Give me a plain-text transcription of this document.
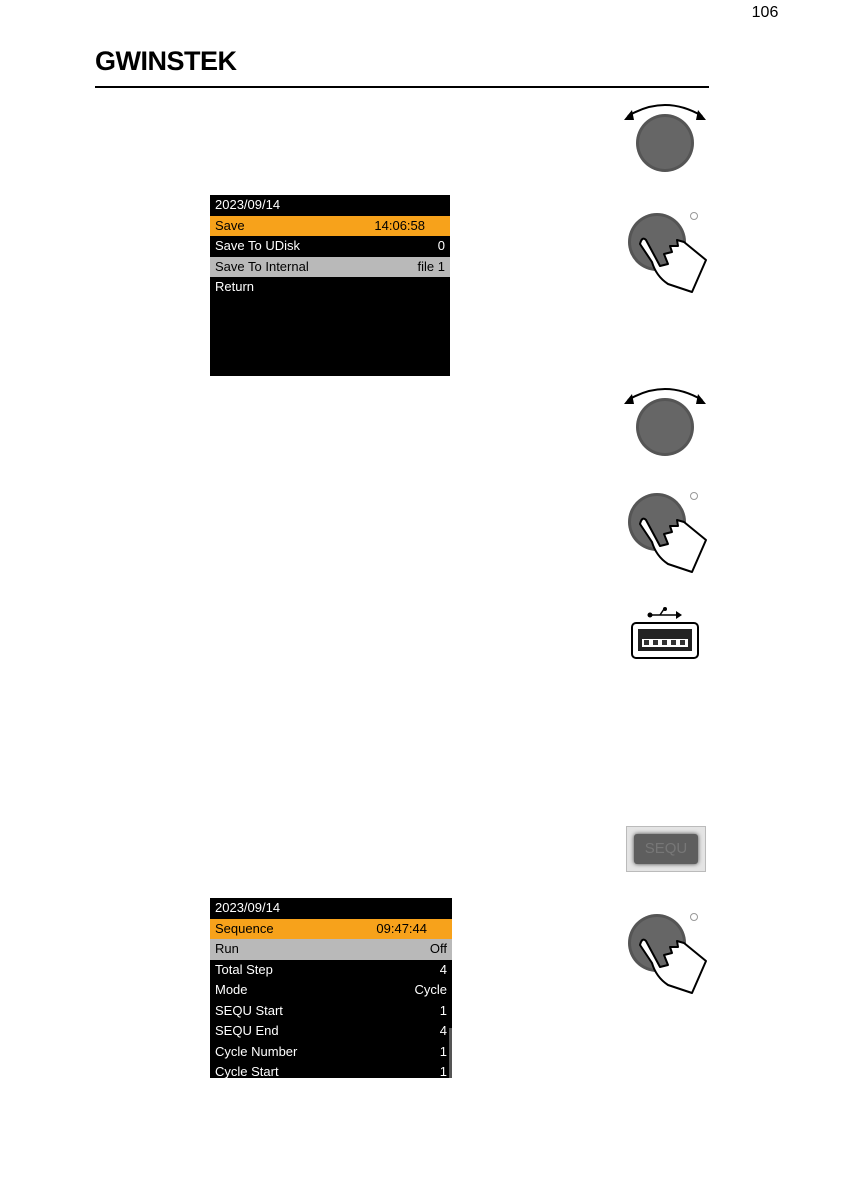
106
GWINSTEK
2023/09/14
Save	14:06:58
Save To UDisk	0
Save To Internal	file 1
Return
2023/09/14
Sequence	09:47:44
Run	Off
Total Step	4
Mode	Cycle
SEQU Start	1
SEQU End	4
Cycle Number	1
Cycle Start	1
SEQU
